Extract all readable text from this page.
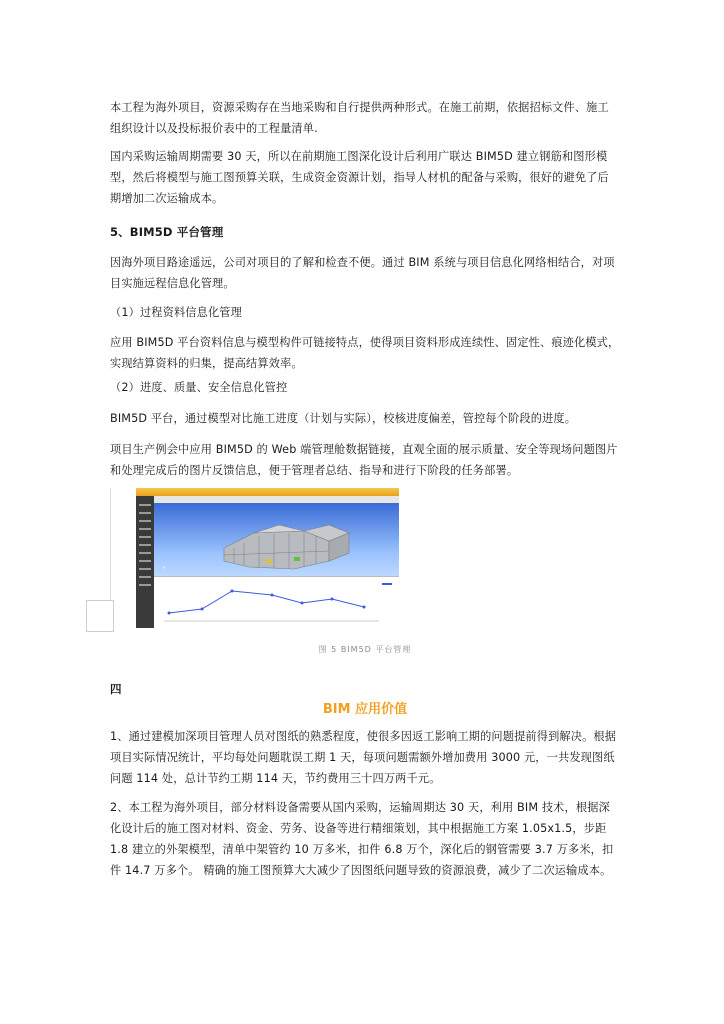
本工程为海外项目，资源采购存在当地采购和自行提供两种形式。在施工前期，依据招标文件、施工组织设计以及投标报价表中的工程量清单.

国内采购运输周期需要 30 天，所以在前期施工图深化设计后利用广联达 BIM5D 建立钢筋和图形模型，然后将模型与施工图预算关联，生成资金资源计划，指导人材机的配备与采购，很好的避免了后期增加二次运输成本。

5、BIM5D 平台管理

因海外项目路途遥远，公司对项目的了解和检查不便。通过 BIM 系统与项目信息化网络相结合，对项目实施远程信息化管理。

（1）过程资料信息化管理

应用 BIM5D 平台资料信息与模型构件可链接特点，使得项目资料形成连续性、固定性、痕迹化模式，实现结算资料的归集，提高结算效率。

（2）进度、质量、安全信息化管控

BIM5D 平台，通过模型对比施工进度（计划与实际），校核进度偏差，管控每个阶段的进度。

项目生产例会中应用 BIM5D 的 Web 端管理舱数据链接，直观全面的展示质量、安全等现场问题图片和处理完成后的图片反馈信息，便于管理者总结、指导和进行下阶段的任务部署。

↑
图 5 BIM5D 平台管理

四

BIM 应用价值

1、通过建模加深项目管理人员对图纸的熟悉程度，使很多因返工影响工期的问题提前得到解决。根据项目实际情况统计，平均每处问题耽误工期 1 天，每项问题需额外增加费用 3000 元，一共发现图纸问题 114 处，总计节约工期 114 天，节约费用三十四万两千元。

2、本工程为海外项目，部分材料设备需要从国内采购，运输周期达 30 天，利用 BIM 技术，根据深化设计后的施工图对材料、资金、劳务、设备等进行精细策划，其中根据施工方案 1.05x1.5，步距 1.8 建立的外架模型，清单中架管约 10 万多米，扣件 6.8 万个，深化后的钢管需要 3.7 万多米，扣件 14.7 万多个。 精确的施工图预算大大减少了因图纸问题导致的资源浪费，减少了二次运输成本。
